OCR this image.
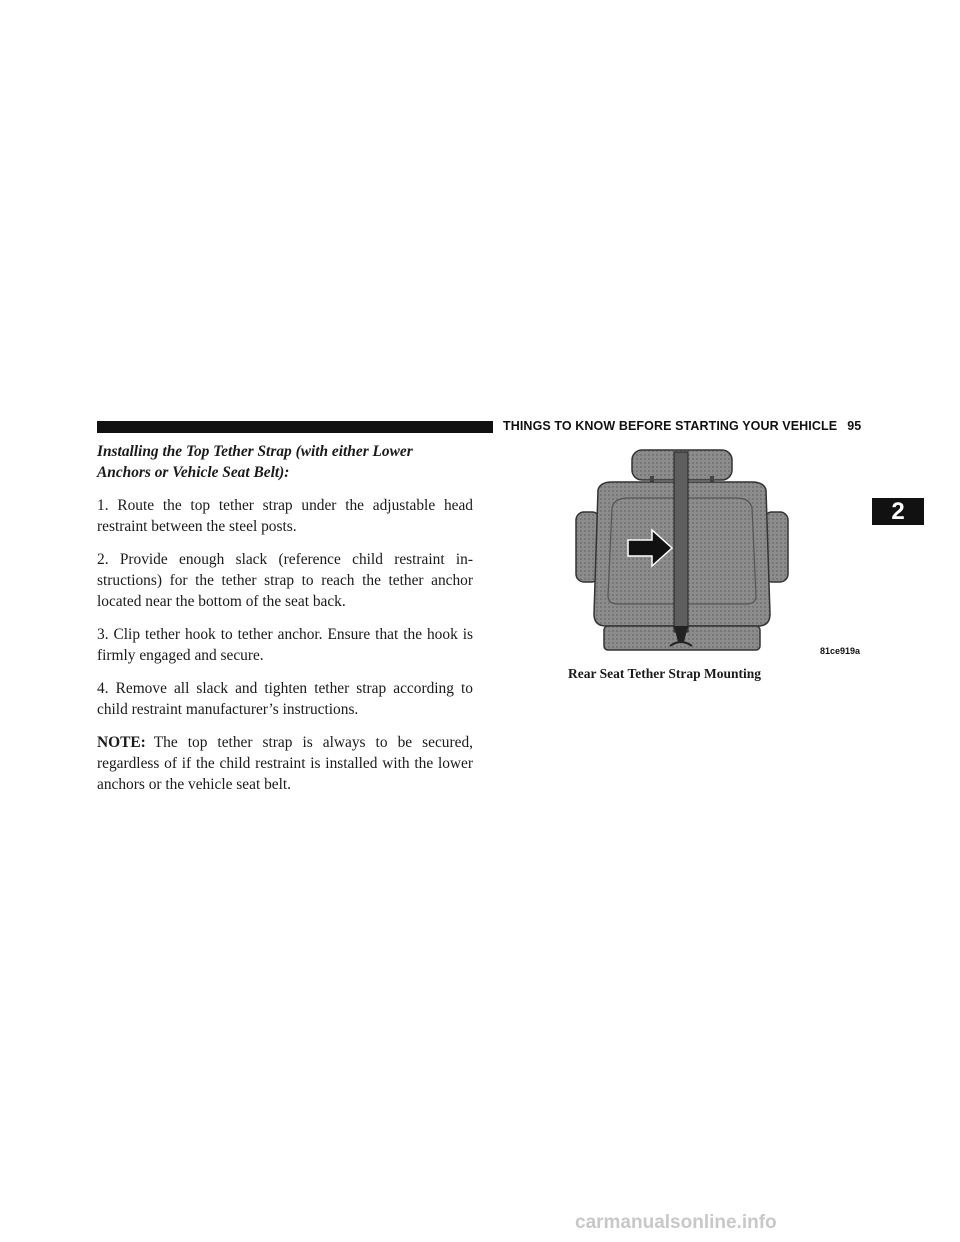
THINGS TO KNOW BEFORE STARTING YOUR VEHICLE 95
2
Installing the Top Tether Strap (with either Lower Anchors or Vehicle Seat Belt):

1. Route the top tether strap under the adjustable head restraint between the steel posts.

2. Provide enough slack (reference child restraint in-structions) for the tether strap to reach the tether anchor located near the bottom of the seat back.

3. Clip tether hook to tether anchor. Ensure that the hook is firmly engaged and secure.

4. Remove all slack and tighten tether strap according to child restraint manufacturer’s instructions.

NOTE: The top tether strap is always to be secured, regardless of if the child restraint is installed with the lower anchors or the vehicle seat belt.

81ce919a
Rear Seat Tether Strap Mounting
carmanualsonline.info
